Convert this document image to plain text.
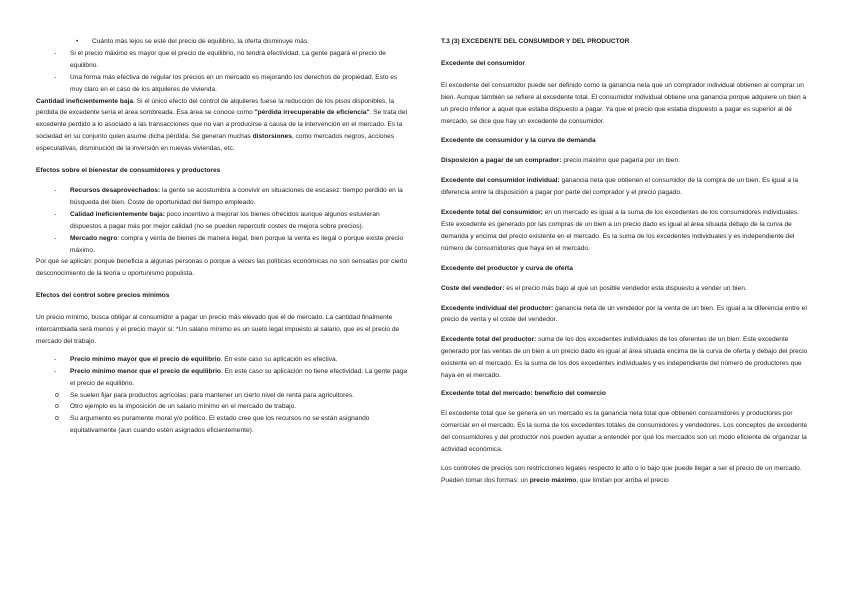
• Cuánto más lejos se esté del precio de equilibrio, la oferta disminuye más.

- Si el precio máximo es mayor que el precio de equilibrio, no tendrá efectividad. La gente pagará el precio de equilibrio.

- Una forma más efectiva de regular los precios en un mercado es mejorando los derechos de propiedad. Esto es muy claro en el caso de los alquileres de vivienda.

Cantidad ineficientemente baja. Si el único efecto del control de alquileres fuese la reducción de los pisos disponibles, la pérdida de excedente sería el área sombreada. Esa área se conoce como "pérdida irrecuperable de eficiencia". Se trata del excedente perdido a lo asociado a las transacciones que no van a producirse a causa de la intervención en el mercado. Es la sociedad en su conjunto quien asume dicha pérdida. Se generan muchas distorsiones, como mercados negros, acciones especulativas, disminución de la inversión en nuevas viviendas, etc.

Efectos sobre el bienestar de consumidores y productores

- Recursos desaprovechados: la gente se acostumbra a convivir en situaciones de escasez: tiempo perdido en la búsqueda del bien. Coste de oportunidad del tiempo empleado.

- Calidad ineficientemente baja: poco incentivo a mejorar los bienes ofrecidos aunque algunos estuvieran dispuestos a pagar más por mejor calidad (no se pueden repercutir costes de mejora sobre precios).

- Mercado negro: compra y venta de bienes de manera ilegal, bien porque la venta es ilegal o porque existe precio máximo.

Por qué se aplican: porque beneficia a algunas personas o porque a veces las políticas económicas no son sensatas por cierto desconocimiento de la teoría u oportunismo populista.

Efectos del control sobre precios mínimos

Un precio mínimo, busca obligar al consumidor a pagar un precio más elevado que el de mercado. La cantidad finalmente intercambiada será menos y el precio mayor si: *Un salario mínimo es un suelo legal impuesto al salario, que es el precio de mercado del trabajo.

- Precio mínimo mayor que el precio de equilibrio. En este caso su aplicación es efectiva.

- Precio mínimo menor que el precio de equilibrio. En este caso su aplicación no tiene efectividad. La gente paga el precio de equilibrio.

o Se suelen fijar para productos agrícolas: para mantener un cierto nivel de renta para agricultores.

o Otro ejemplo es la imposición de un salario mínimo en el mercado de trabajo.

o Su argumento es puramente moral y/o político. El estado cree que los recursos no se están asignando equitativamente (aun cuando estén asignados eficientemente).

T.3 (3) EXCEDENTE DEL CONSUMIDOR Y DEL PRODUCTOR

Excedente del consumidor

El excedente del consumidor puede ser definido como la ganancia neta que un comprador individual obtienen al comprar un bien. Aunque también se refiere al excedente total. El consumidor individual obtiene una ganancia porque adquiere un bien a un precio inferior a aquel que estaba dispuesto a pagar. Ya que el precio que estaba dispuesto a pagar es superior al de mercado, se dice que hay un excedente de consumidor.

Excedente de consumidor y la curva de demanda

Disposición a pagar de un comprador: precio máximo que pagaría por un bien.

Excedente del consumidor individual: ganancia neta que obtienen el consumidor de la compra de un bien. Es igual a la diferencia entre la disposición a pagar por parte del comprador y el precio pagado.

Excedente total del consumidor; en un mercado es igual a la suma de los excedentes de los consumidores individuales. Este excedente es generado por las compras de un bien a un precio dado es igual al área situada debajo de la curva de demanda y encima del precio existente en el mercado. Es la suma de los excedentes individuales y es independiente del número de consumidores que haya en el mercado.

Excedente del productor y curva de oferta

Coste del vendedor: es el precio más bajo al que un posible vendedor esta dispuesto a vender un bien.

Excedente individual del productor: ganancia neta de un vendedor por la venta de un bien. Es igual a la diferencia entre el precio de venta y el coste del vendedor.

Excedente total del productor: suma de los dos excedentes individuales de los oferentes de un bien. Este excedente generado por las ventas de un bien a un precio dado es igual al área situada encima de la curva de oferta y debajo del precio existente en el mercado. Es la suma de los dos excedentes individuales y es independiente del número de productores que haya en el mercado.

Excedente total del mercado: beneficio del comercio

El excedente total que se genera en un mercado es la ganancia neta total que obtienen consumidores y productores por comerciar en el mercado. Es la suma de los excedentes totales de consumidores y vendedores. Los conceptos de excedente del consumidores y del productor nos pueden ayudar a entender por qué los mercados son un modo eficiente de organizar la actividad económica.

Los controles de precios son restricciones legales respecto lo alto o lo bajo que puede llegar a ser el precio de un mercado. Pueden tomar dos formas: un precio máximo, que limitan por arriba el precio
